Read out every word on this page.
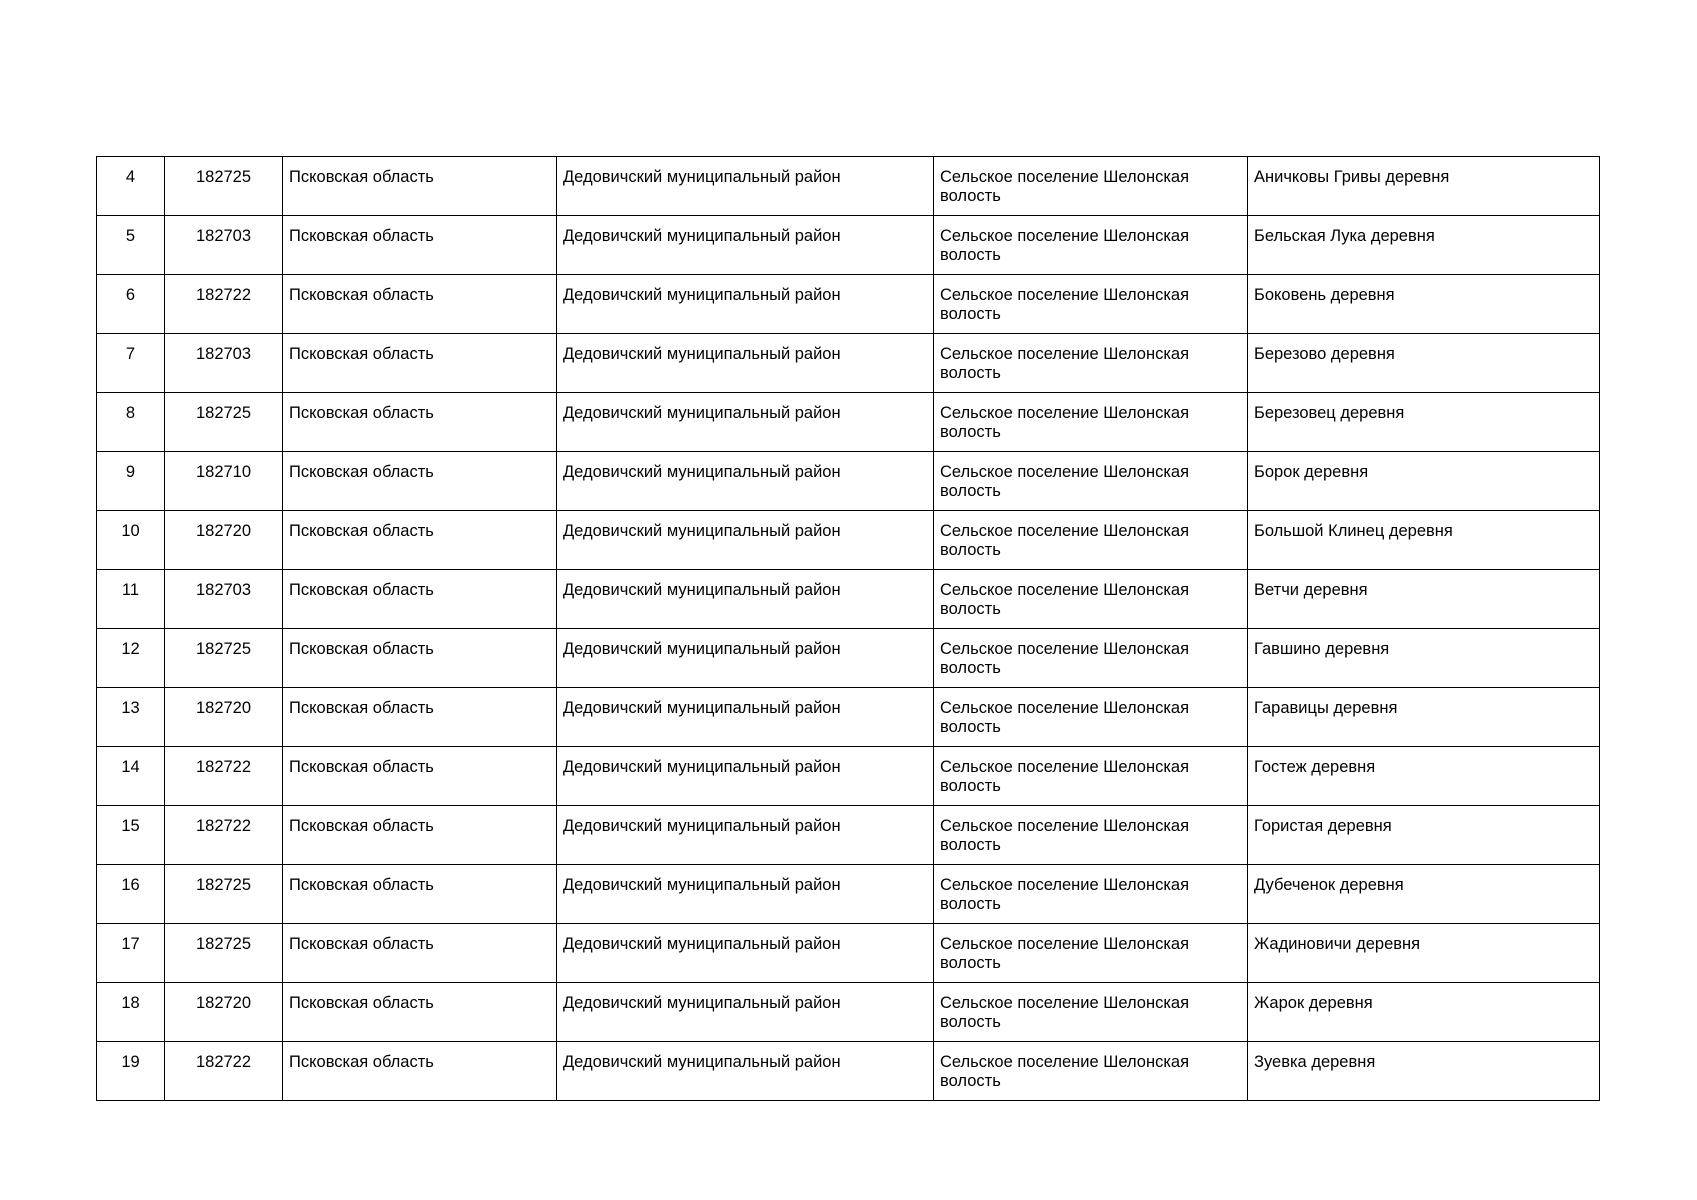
4	182725	Псковская область	Дедовичский муниципальный район	Сельское поселение Шелонская волость	Аничковы Гривы деревня
5	182703	Псковская область	Дедовичский муниципальный район	Сельское поселение Шелонская волость	Бельская Лука деревня
6	182722	Псковская область	Дедовичский муниципальный район	Сельское поселение Шелонская волость	Боковень деревня
7	182703	Псковская область	Дедовичский муниципальный район	Сельское поселение Шелонская волость	Березово деревня
8	182725	Псковская область	Дедовичский муниципальный район	Сельское поселение Шелонская волость	Березовец деревня
9	182710	Псковская область	Дедовичский муниципальный район	Сельское поселение Шелонская волость	Борок деревня
10	182720	Псковская область	Дедовичский муниципальный район	Сельское поселение Шелонская волость	Большой Клинец деревня
11	182703	Псковская область	Дедовичский муниципальный район	Сельское поселение Шелонская волость	Ветчи деревня
12	182725	Псковская область	Дедовичский муниципальный район	Сельское поселение Шелонская волость	Гавшино деревня
13	182720	Псковская область	Дедовичский муниципальный район	Сельское поселение Шелонская волость	Гаравицы деревня
14	182722	Псковская область	Дедовичский муниципальный район	Сельское поселение Шелонская волость	Гостеж деревня
15	182722	Псковская область	Дедовичский муниципальный район	Сельское поселение Шелонская волость	Гористая деревня
16	182725	Псковская область	Дедовичский муниципальный район	Сельское поселение Шелонская волость	Дубеченок деревня
17	182725	Псковская область	Дедовичский муниципальный район	Сельское поселение Шелонская волость	Жадиновичи деревня
18	182720	Псковская область	Дедовичский муниципальный район	Сельское поселение Шелонская волость	Жарок деревня
19	182722	Псковская область	Дедовичский муниципальный район	Сельское поселение Шелонская волость	Зуевка деревня
